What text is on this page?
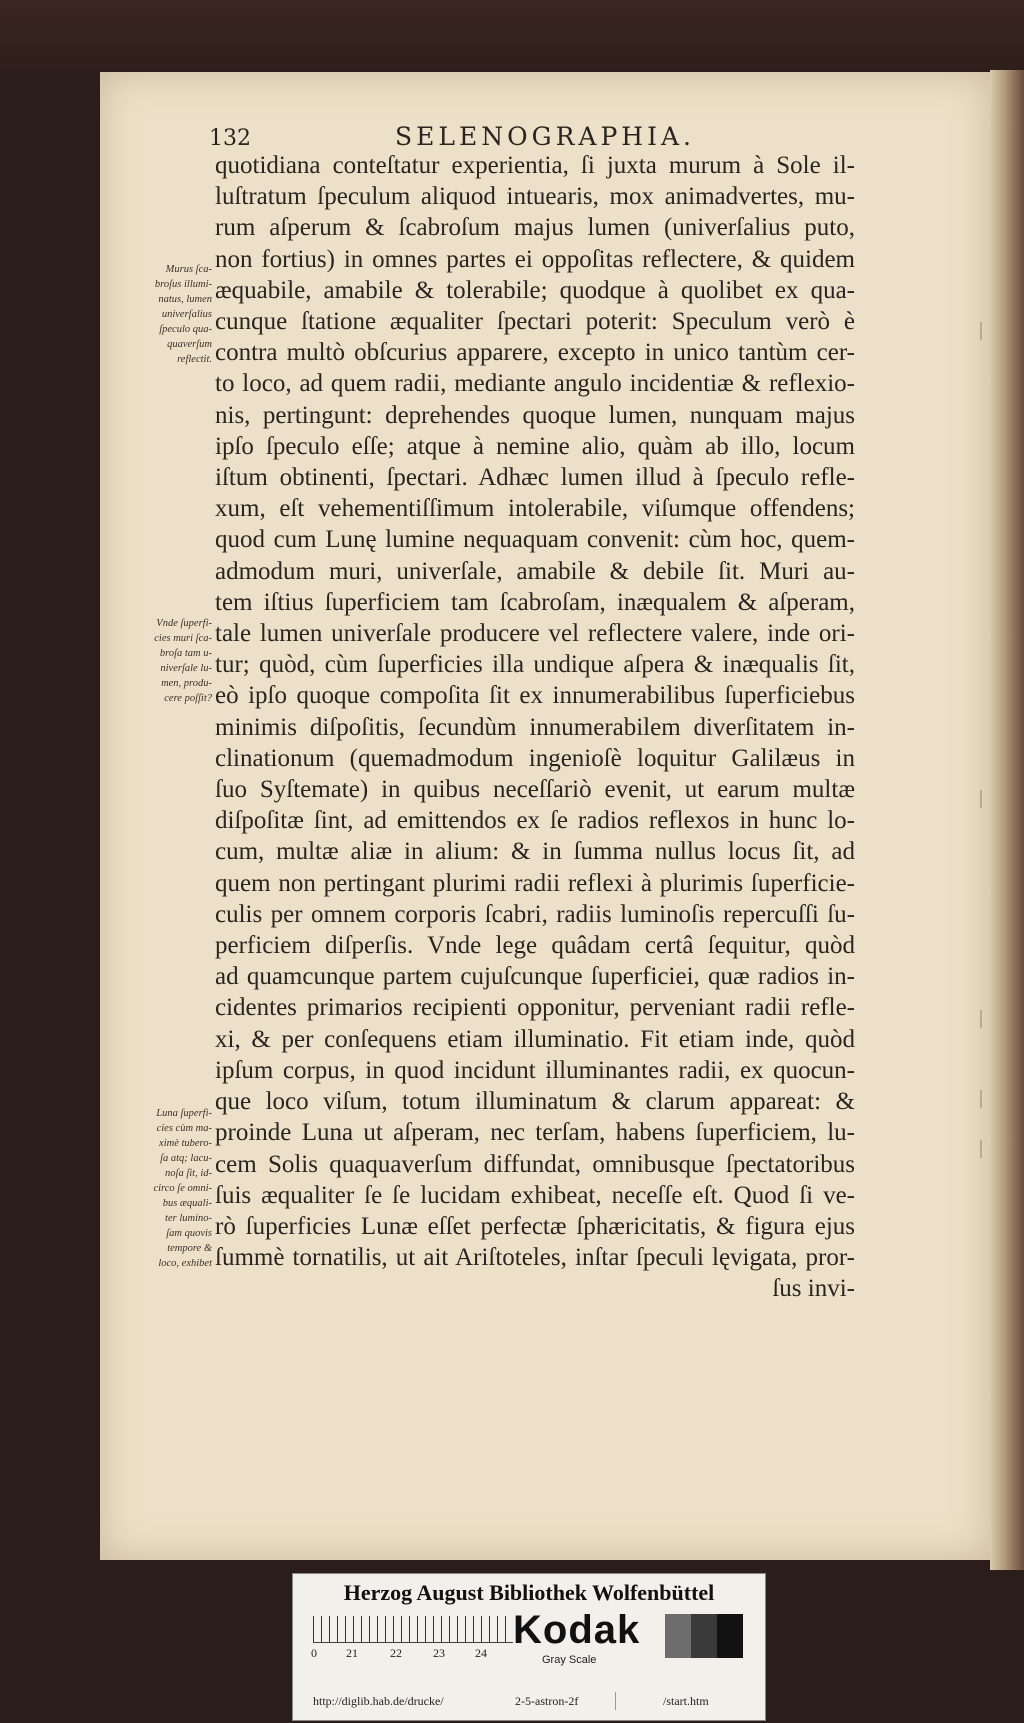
132	SELENOGRAPHIA.
Murus ſca-
broſus illumi-
natus, lumen
univerſalius
ſpeculo qua-
quaverſum
reflectit.
Vnde ſuperfi-
cies muri ſca-
broſa tam u-
niverſale lu-
men, produ-
cere poſſit?
Luna ſuperfi-
cies cùm ma-
ximè tubero-
ſa atq; lacu-
noſa ſit, id-
circo ſe omni-
bus æquali-
ter lumino-
ſam quovis
tempore &
loco, exhibet
quotidiana conteſtatur experientia, ſi juxta murum à Sole il-
luſtratum ſpeculum aliquod intuearis, mox animadvertes, mu-
rum aſperum & ſcabroſum majus lumen (univerſalius puto,
non fortius) in omnes partes ei oppoſitas reflectere, & quidem
æquabile, amabile & tolerabile; quodque à quolibet ex qua-
cunque ſtatione æqualiter ſpectari poterit: Speculum verò è
contra multò obſcurius apparere, excepto in unico tantùm cer-
to loco, ad quem radii, mediante angulo incidentiæ & reflexio-
nis, pertingunt: deprehendes quoque lumen, nunquam majus
ipſo ſpeculo eſſe; atque à nemine alio, quàm ab illo, locum
iſtum obtinenti, ſpectari. Adhæc lumen illud à ſpeculo refle-
xum, eſt vehementiſſimum intolerabile, viſumque offendens;
quod cum Lunę lumine nequaquam convenit: cùm hoc, quem-
admodum muri, univerſale, amabile & debile ſit. Muri au-
tem iſtius ſuperficiem tam ſcabroſam, inæqualem & aſperam,
tale lumen univerſale producere vel reflectere valere, inde ori-
tur; quòd, cùm ſuperficies illa undique aſpera & inæqualis ſit,
eò ipſo quoque compoſita ſit ex innumerabilibus ſuperficiebus
minimis diſpoſitis, ſecundùm innumerabilem diverſitatem in-
clinationum (quemadmodum ingenioſè loquitur Galilæus in
ſuo Syſtemate) in quibus neceſſariò evenit, ut earum multæ
diſpoſitæ ſint, ad emittendos ex ſe radios reflexos in hunc lo-
cum, multæ aliæ in alium: & in ſumma nullus locus ſit, ad
quem non pertingant plurimi radii reflexi à plurimis ſuperficie-
culis per omnem corporis ſcabri, radiis luminoſis repercuſſi ſu-
perficiem diſperſis. Vnde lege quâdam certâ ſequitur, quòd
ad quamcunque partem cujuſcunque ſuperficiei, quæ radios in-
cidentes primarios recipienti opponitur, perveniant radii refle-
xi, & per conſequens etiam illuminatio. Fit etiam inde, quòd
ipſum corpus, in quod incidunt illuminantes radii, ex quocun-
que loco viſum, totum illuminatum & clarum appareat: &
proinde Luna ut aſperam, nec terſam, habens ſuperficiem, lu-
cem Solis quaquaverſum diffundat, omnibusque ſpectatoribus
ſuis æqualiter ſe ſe lucidam exhibeat, neceſſe eſt. Quod ſi ve-
rò ſuperficies Lunæ eſſet perfectæ ſphæricitatis, & figura ejus
ſummè tornatilis, ut ait Ariſtoteles, inſtar ſpeculi lęvigata, pror-
ſus invi-
Herzog August Bibliothek Wolfenbüttel
0 21	22	23	24
Kodak
Gray Scale
http://diglib.hab.de/drucke/	2-5-astron-2f	/start.htm
